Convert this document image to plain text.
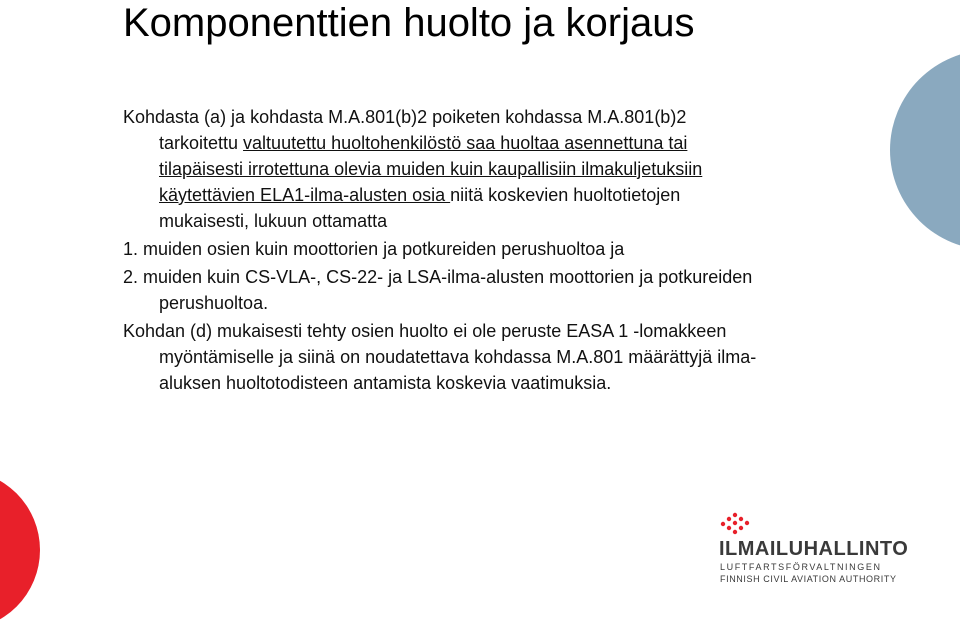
Komponenttien huolto ja korjaus

Kohdasta (a) ja kohdasta M.A.801(b)2 poiketen kohdassa M.A.801(b)2

tarkoitettu valtuutettu huoltohenkilöstö saa huoltaa asennettuna tai

tilapäisesti irrotettuna olevia muiden kuin kaupallisiin ilmakuljetuksiin

käytettävien ELA1-ilma-alusten osia niitä koskevien huoltotietojen

mukaisesti, lukuun ottamatta

1. muiden osien kuin moottorien ja potkureiden perushuoltoa ja

2. muiden kuin CS-VLA-, CS-22- ja LSA-ilma-alusten moottorien ja potkureiden

perushuoltoa.

Kohdan (d) mukaisesti tehty osien huolto ei ole peruste EASA 1 -lomakkeen

myöntämiselle ja siinä on noudatettava kohdassa M.A.801 määrättyjä ilma-

aluksen huoltotodisteen antamista koskevia vaatimuksia.

ILMAILUHALLINTO
LUFTFARTSFÖRVALTNINGEN
FINNISH CIVIL AVIATION AUTHORITY
